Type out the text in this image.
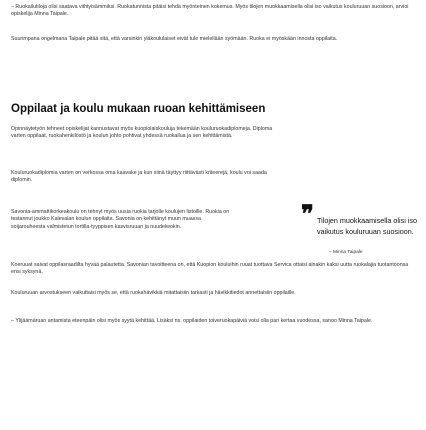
– Ruokailutiloja olisi saatava viihtyisämmiksi. Ruokatunnista pitäisi tehdä myönteinen kokemus. Myös tilojen muokkaamisella olisi iso vaikutus kouluruuan suosioon, arvioi opiskelija Minna Taipale.

Suurimpana ongelmana Taipale pitää sitä, että varsinkin yläkoululaiset eivät tule mielellään syömään. Ruoka ei myöskään innosta oppilaita.

Oppilaat ja koulu mukaan ruoan kehittämiseen

Opinnäytetyön tehneet opiskelijat kannustavat myös kuopiolaiskouluja tekemään kouluruokadiplomeja. Diploma varten oppilaat, ruokahenkilöstö ja koulun johto pohtivat yhdessä ruokailua ja sen kehittämistä.

Kouluruokadiplomia varten on verkossa oma kaavake ja kun siinä täyttyy riittävästi kriteerejä, koulu voi saada diplomin.

Savonia-ammattikorkeakoulu on tehnyt myös uusia ruokia tarjolle koulujen listoille. Ruokia on testannut joukko Kalevalan koulun oppilaita. Savonia on kehittänyt muun muassa soijarouheesta valmistetun tortilla-tyyppisen kasvisruuan ja nuudelwokin.

Koeruuat saivat oppilasraadilta hyvää palautetta. Savonian tavoitteena on, että Kuopion kouluihin ruuat tuottava Servica ottaisi ainakin kaksi uutta ruokalajia tuotantoonsa ensi syksynä.

Kouluruuan arvostukseen vaikuttaisi myös se, että ruokahävikkiä mitattaisiin tarkasti ja hävikkitiedot annettaisiin oppilaille.

– Ylijäämäruan antamista eteenpäin olisi myös syytä kehittää. Lisäksi ns. oppilaiden toiveruokapäiviä voisi olla pari kertaa vuodessa, sanoo Minna Taipale.

❞ Tilojen muokkaamisella olisi iso vaikutus kouluruuan suosioon.
– Minna Taipale
